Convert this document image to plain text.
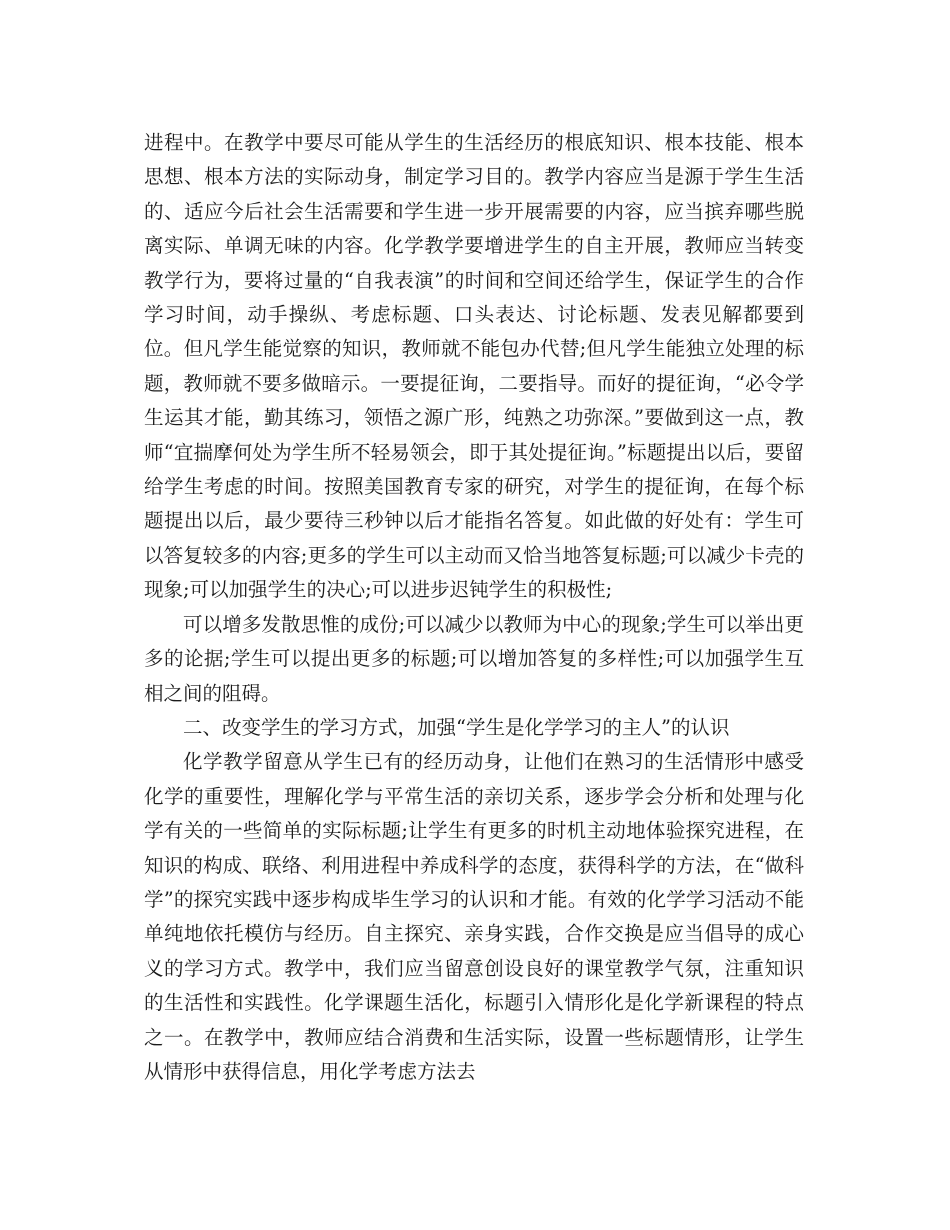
进程中。在教学中要尽可能从学生的生活经历的根底知识、根本技能、根本思想、根本方法的实际动身，制定学习目的。教学内容应当是源于学生生活的、适应今后社会生活需要和学生进一步开展需要的内容，应当摈弃哪些脱离实际、单调无味的内容。化学教学要增进学生的自主开展，教师应当转变教学行为，要将过量的“自我表演”的时间和空间还给学生，保证学生的合作学习时间，动手操纵、考虑标题、口头表达、讨论标题、发表见解都要到位。但凡学生能觉察的知识，教师就不能包办代替;但凡学生能独立处理的标题，教师就不要多做暗示。一要提征询，二要指导。而好的提征询，“必令学生运其才能，勤其练习，领悟之源广形，纯熟之功弥深。”要做到这一点，教师“宜揣摩何处为学生所不轻易领会，即于其处提征询。”标题提出以后，要留给学生考虑的时间。按照美国教育专家的研究，对学生的提征询，在每个标题提出以后，最少要待三秒钟以后才能指名答复。如此做的好处有：学生可以答复较多的内容;更多的学生可以主动而又恰当地答复标题;可以减少卡壳的现象;可以加强学生的决心;可以进步迟钝学生的积极性;

可以增多发散思惟的成份;可以减少以教师为中心的现象;学生可以举出更多的论据;学生可以提出更多的标题;可以增加答复的多样性;可以加强学生互相之间的阻碍。

二、改变学生的学习方式，加强“学生是化学学习的主人”的认识

化学教学留意从学生已有的经历动身，让他们在熟习的生活情形中感受化学的重要性，理解化学与平常生活的亲切关系，逐步学会分析和处理与化学有关的一些简单的实际标题;让学生有更多的时机主动地体验探究进程，在知识的构成、联络、利用进程中养成科学的态度，获得科学的方法，在“做科学”的探究实践中逐步构成毕生学习的认识和才能。有效的化学学习活动不能单纯地依托模仿与经历。自主探究、亲身实践，合作交换是应当倡导的成心义的学习方式。教学中，我们应当留意创设良好的课堂教学气氛，注重知识的生活性和实践性。化学课题生活化，标题引入情形化是化学新课程的特点之一。在教学中，教师应结合消费和生活实际，设置一些标题情形，让学生从情形中获得信息，用化学考虑方法去
